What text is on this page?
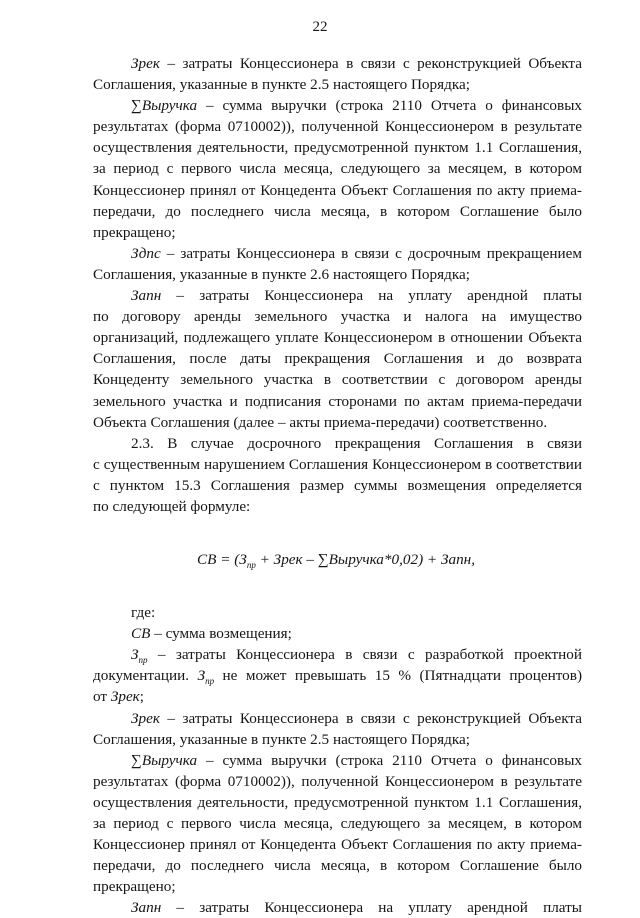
22
Зрек – затраты Концессионера в связи с реконструкцией Объекта
Соглашения, указанные в пункте 2.5 настоящего Порядка;
∑Выручка – сумма выручки (строка 2110 Отчета о финансовых
результатах (форма 0710002)), полученной Концессионером в результате
осуществления деятельности, предусмотренной пунктом 1.1 Соглашения,
за период с первого числа месяца, следующего за месяцем, в котором
Концессионер принял от Концедента Объект Соглашения по акту приема-
передачи, до последнего числа месяца, в котором Соглашение было
прекращено;
Здпс – затраты Концессионера в связи с досрочным прекращением
Соглашения, указанные в пункте 2.6 настоящего Порядка;
Запн – затраты Концессионера на уплату арендной платы
по договору аренды земельного участка и налога на имущество
организаций, подлежащего уплате Концессионером в отношении Объекта
Соглашения, после даты прекращения Соглашения и до возврата
Концеденту земельного участка в соответствии с договором аренды
земельного участка и подписания сторонами по актам приема-передачи
Объекта Соглашения (далее – акты приема-передачи) соответственно.
2.3. В случае досрочного прекращения Соглашения в связи
с существенным нарушением Соглашения Концессионером в соответствии
с пунктом 15.3 Соглашения размер суммы возмещения определяется
по следующей формуле:
СВ = ($З_{пр}$ + Зрек – ∑Выручка*0,02) + Запн,
где:
СВ – сумма возмещения;
$З_{пр}$ – затраты Концессионера в связи с разработкой проектной
документации. $З_{пр}$ не может превышать 15 % (Пятнадцати процентов)
от Зрек;
Зрек – затраты Концессионера в связи с реконструкцией Объекта
Соглашения, указанные в пункте 2.5 настоящего Порядка;
∑Выручка – сумма выручки (строка 2110 Отчета о финансовых
результатах (форма 0710002)), полученной Концессионером в результате
осуществления деятельности, предусмотренной пунктом 1.1 Соглашения,
за период с первого числа месяца, следующего за месяцем, в котором
Концессионер принял от Концедента Объект Соглашения по акту приема-
передачи, до последнего числа месяца, в котором Соглашение было
прекращено;
Запн – затраты Концессионера на уплату арендной платы
